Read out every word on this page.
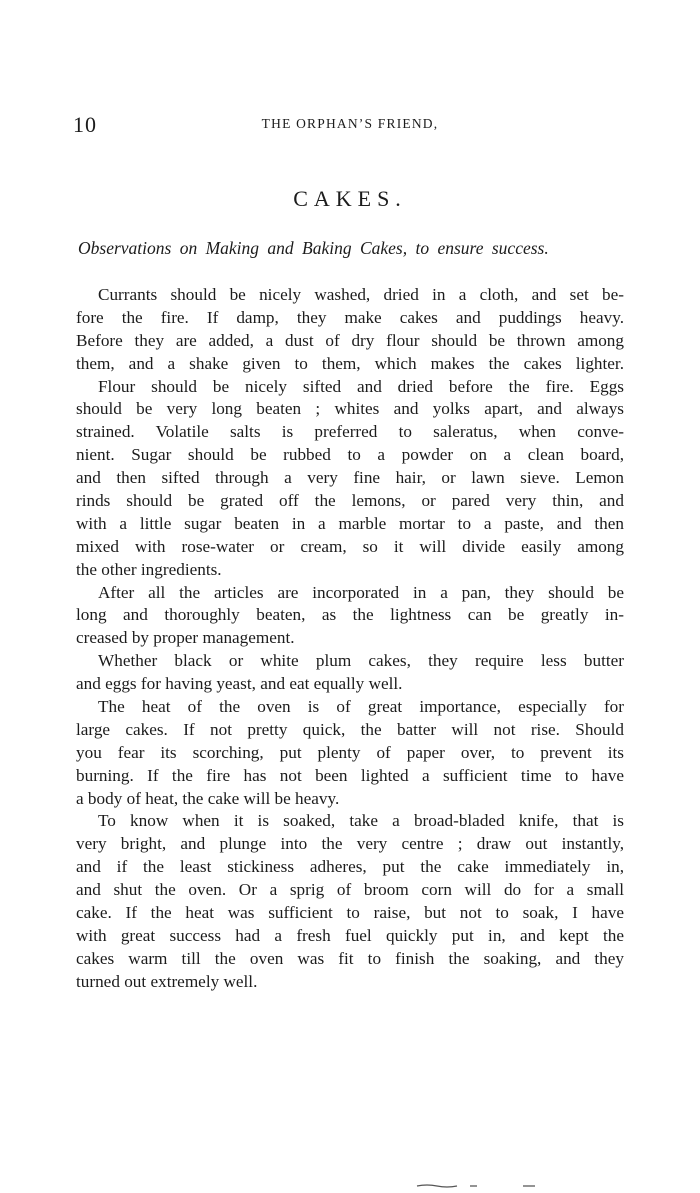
10	THE ORPHAN’S FRIEND,
CAKES.
Observations on Making and Baking Cakes, to ensure success.
Currants should be nicely washed, dried in a cloth, and set be-
fore the fire. If damp, they make cakes and puddings heavy.
Before they are added, a dust of dry flour should be thrown among
them, and a shake given to them, which makes the cakes lighter.
Flour should be nicely sifted and dried before the fire. Eggs
should be very long beaten ; whites and yolks apart, and always
strained. Volatile salts is preferred to saleratus, when conve-
nient. Sugar should be rubbed to a powder on a clean board,
and then sifted through a very fine hair, or lawn sieve. Lemon
rinds should be grated off the lemons, or pared very thin, and
with a little sugar beaten in a marble mortar to a paste, and then
mixed with rose-water or cream, so it will divide easily among
the other ingredients.
After all the articles are incorporated in a pan, they should be
long and thoroughly beaten, as the lightness can be greatly in-
creased by proper management.
Whether black or white plum cakes, they require less butter
and eggs for having yeast, and eat equally well.
The heat of the oven is of great importance, especially for
large cakes. If not pretty quick, the batter will not rise. Should
you fear its scorching, put plenty of paper over, to prevent its
burning. If the fire has not been lighted a sufficient time to have
a body of heat, the cake will be heavy.
To know when it is soaked, take a broad-bladed knife, that is
very bright, and plunge into the very centre ; draw out instantly,
and if the least stickiness adheres, put the cake immediately in,
and shut the oven. Or a sprig of broom corn will do for a small
cake. If the heat was sufficient to raise, but not to soak, I have
with great success had a fresh fuel quickly put in, and kept the
cakes warm till the oven was fit to finish the soaking, and they
turned out extremely well.
